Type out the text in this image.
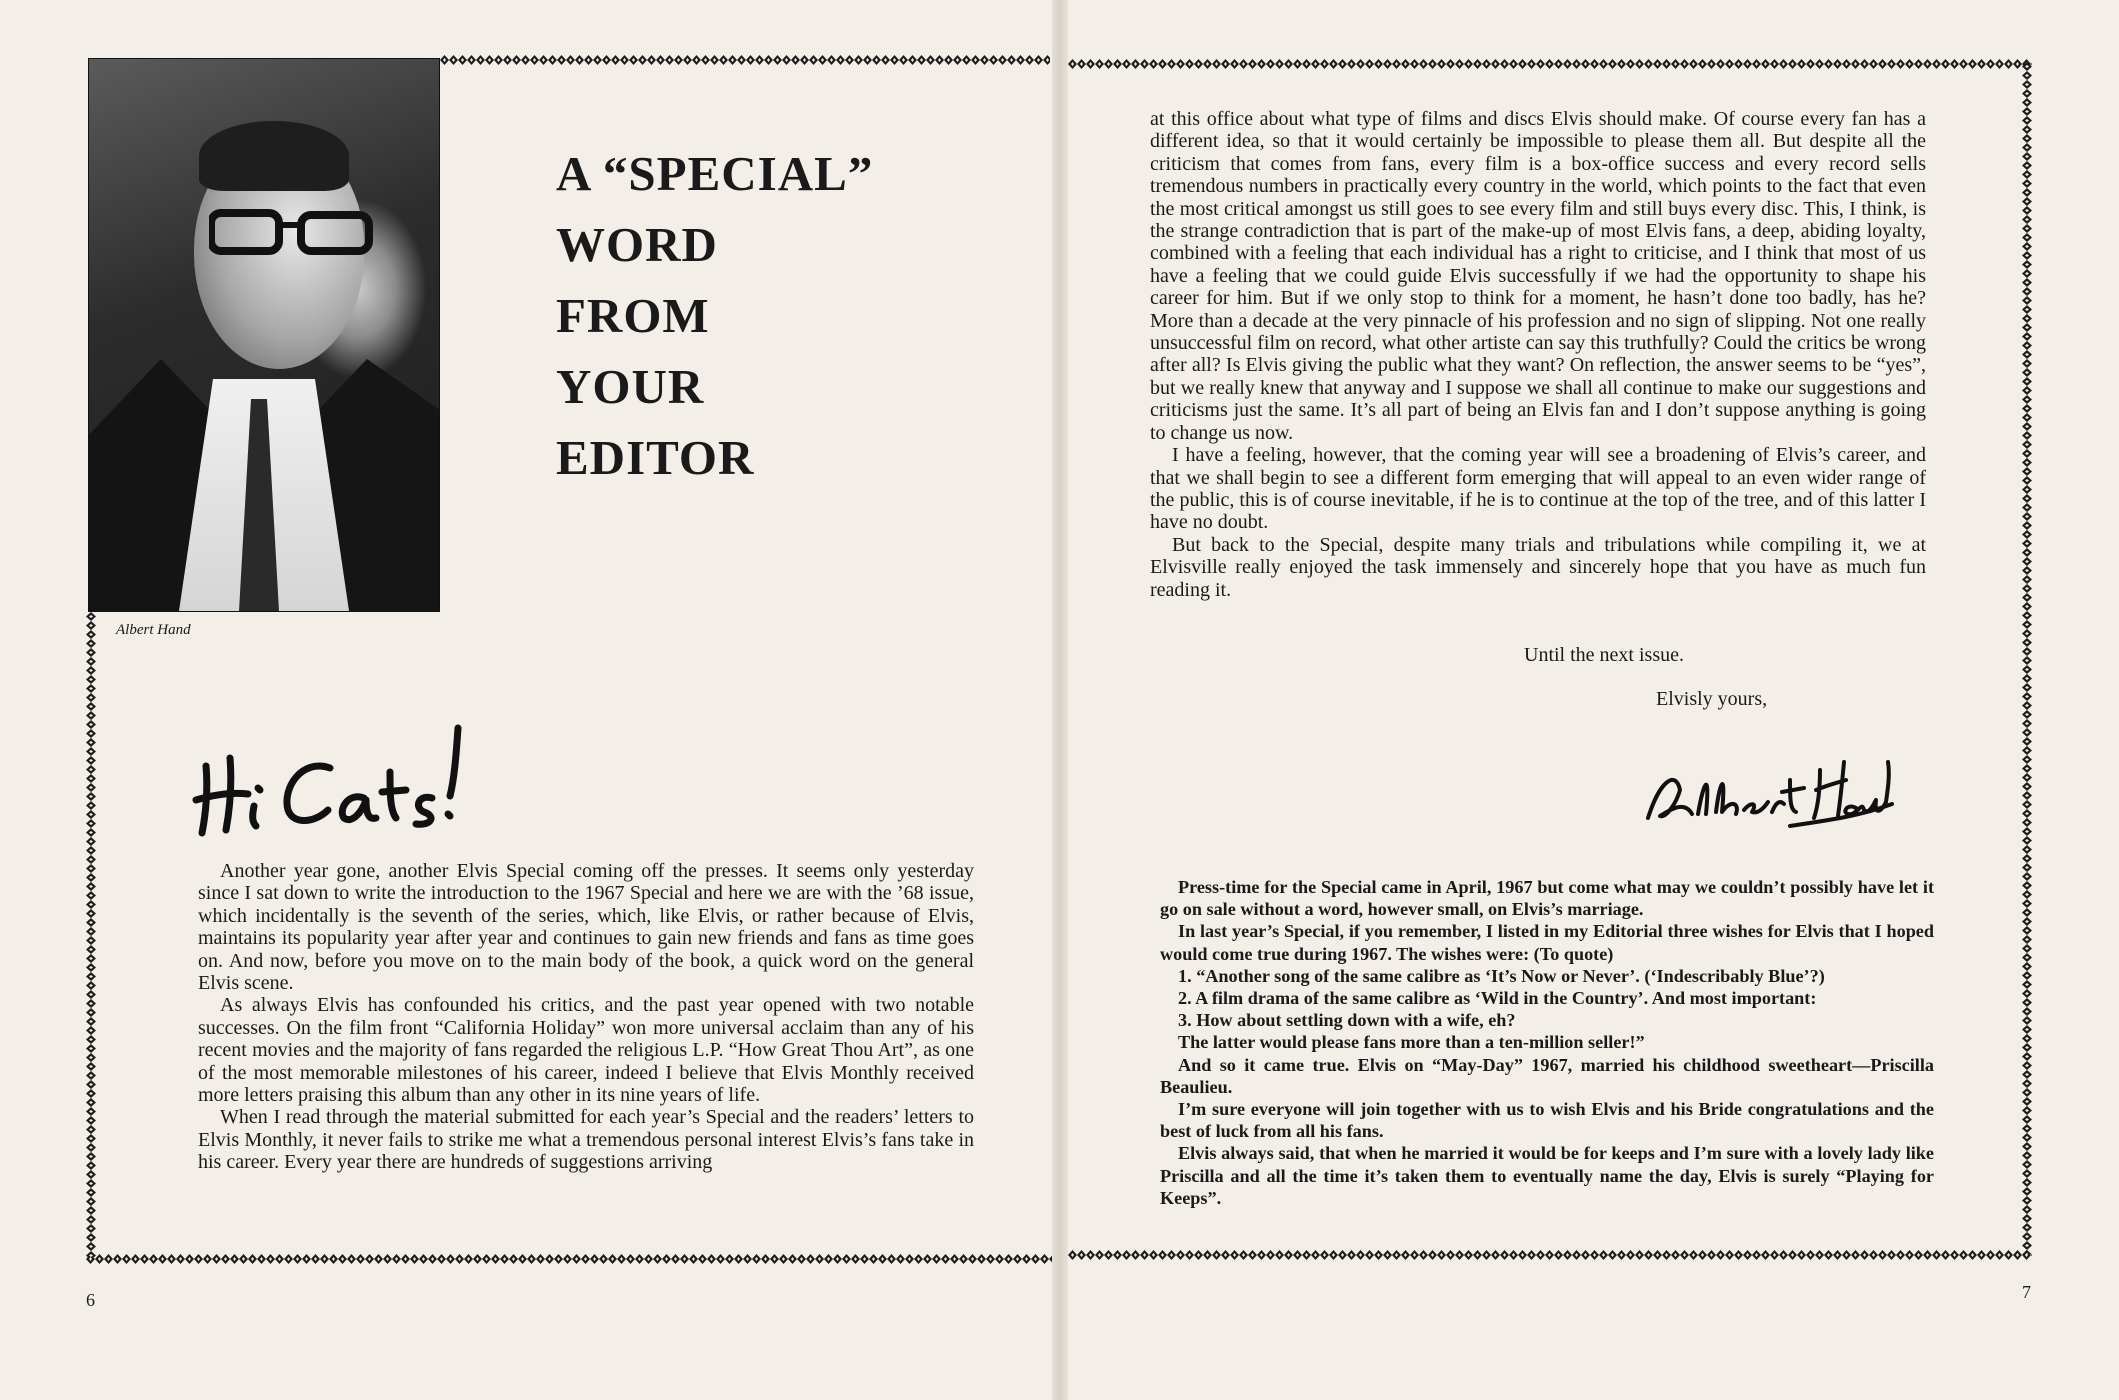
Albert Hand
A “SPECIAL”
WORD
FROM
YOUR
EDITOR

Another year gone, another Elvis Special coming off the presses. It seems only yesterday since I sat down to write the introduction to the 1967 Special and here we are with the ’68 issue, which incidentally is the seventh of the series, which, like Elvis, or rather because of Elvis, maintains its popularity year after year and continues to gain new friends and fans as time goes on. And now, before you move on to the main body of the book, a quick word on the general Elvis scene.

As always Elvis has confounded his critics, and the past year opened with two notable successes. On the film front “California Holiday” won more universal acclaim than any of his recent movies and the majority of fans regarded the religious L.P. “How Great Thou Art”, as one of the most memorable milestones of his career, indeed I believe that Elvis Monthly received more letters praising this album than any other in its nine years of life.

When I read through the material submitted for each year’s Special and the readers’ letters to Elvis Monthly, it never fails to strike me what a tremendous personal interest Elvis’s fans take in his career. Every year there are hundreds of suggestions arriving

at this office about what type of films and discs Elvis should make. Of course every fan has a different idea, so that it would certainly be impossible to please them all. But despite all the criticism that comes from fans, every film is a box-office success and every record sells tremendous numbers in practically every country in the world, which points to the fact that even the most critical amongst us still goes to see every film and still buys every disc. This, I think, is the strange contradiction that is part of the make-up of most Elvis fans, a deep, abiding loyalty, combined with a feeling that each individual has a right to criticise, and I think that most of us have a feeling that we could guide Elvis successfully if we had the opportunity to shape his career for him. But if we only stop to think for a moment, he hasn’t done too badly, has he? More than a decade at the very pinnacle of his profession and no sign of slipping. Not one really unsuccessful film on record, what other artiste can say this truthfully? Could the critics be wrong after all? Is Elvis giving the public what they want? On reflection, the answer seems to be “yes”, but we really knew that anyway and I suppose we shall all continue to make our suggestions and criticisms just the same. It’s all part of being an Elvis fan and I don’t suppose anything is going to change us now.

I have a feeling, however, that the coming year will see a broadening of Elvis’s career, and that we shall begin to see a different form emerging that will appeal to an even wider range of the public, this is of course inevitable, if he is to continue at the top of the tree, and of this latter I have no doubt.

But back to the Special, despite many trials and tribulations while compiling it, we at Elvisville really enjoyed the task immensely and sincerely hope that you have as much fun reading it.

Until the next issue.
Elvisly yours,

Press-time for the Special came in April, 1967 but come what may we couldn’t possibly have let it go on sale without a word, however small, on Elvis’s marriage.

In last year’s Special, if you remember, I listed in my Editorial three wishes for Elvis that I hoped would come true during 1967. The wishes were: (To quote)

1. “Another song of the same calibre as ‘It’s Now or Never’. (‘Indescribably Blue’?)

2. A film drama of the same calibre as ‘Wild in the Country’. And most important:

3. How about settling down with a wife, eh?

The latter would please fans more than a ten-million seller!”

And so it came true. Elvis on “May-Day” 1967, married his childhood sweetheart—Priscilla Beaulieu.

I’m sure everyone will join together with us to wish Elvis and his Bride congratulations and the best of luck from all his fans.

Elvis always said, that when he married it would be for keeps and I’m sure with a lovely lady like Priscilla and all the time it’s taken them to eventually name the day, Elvis is surely “Playing for Keeps”.

6	7
